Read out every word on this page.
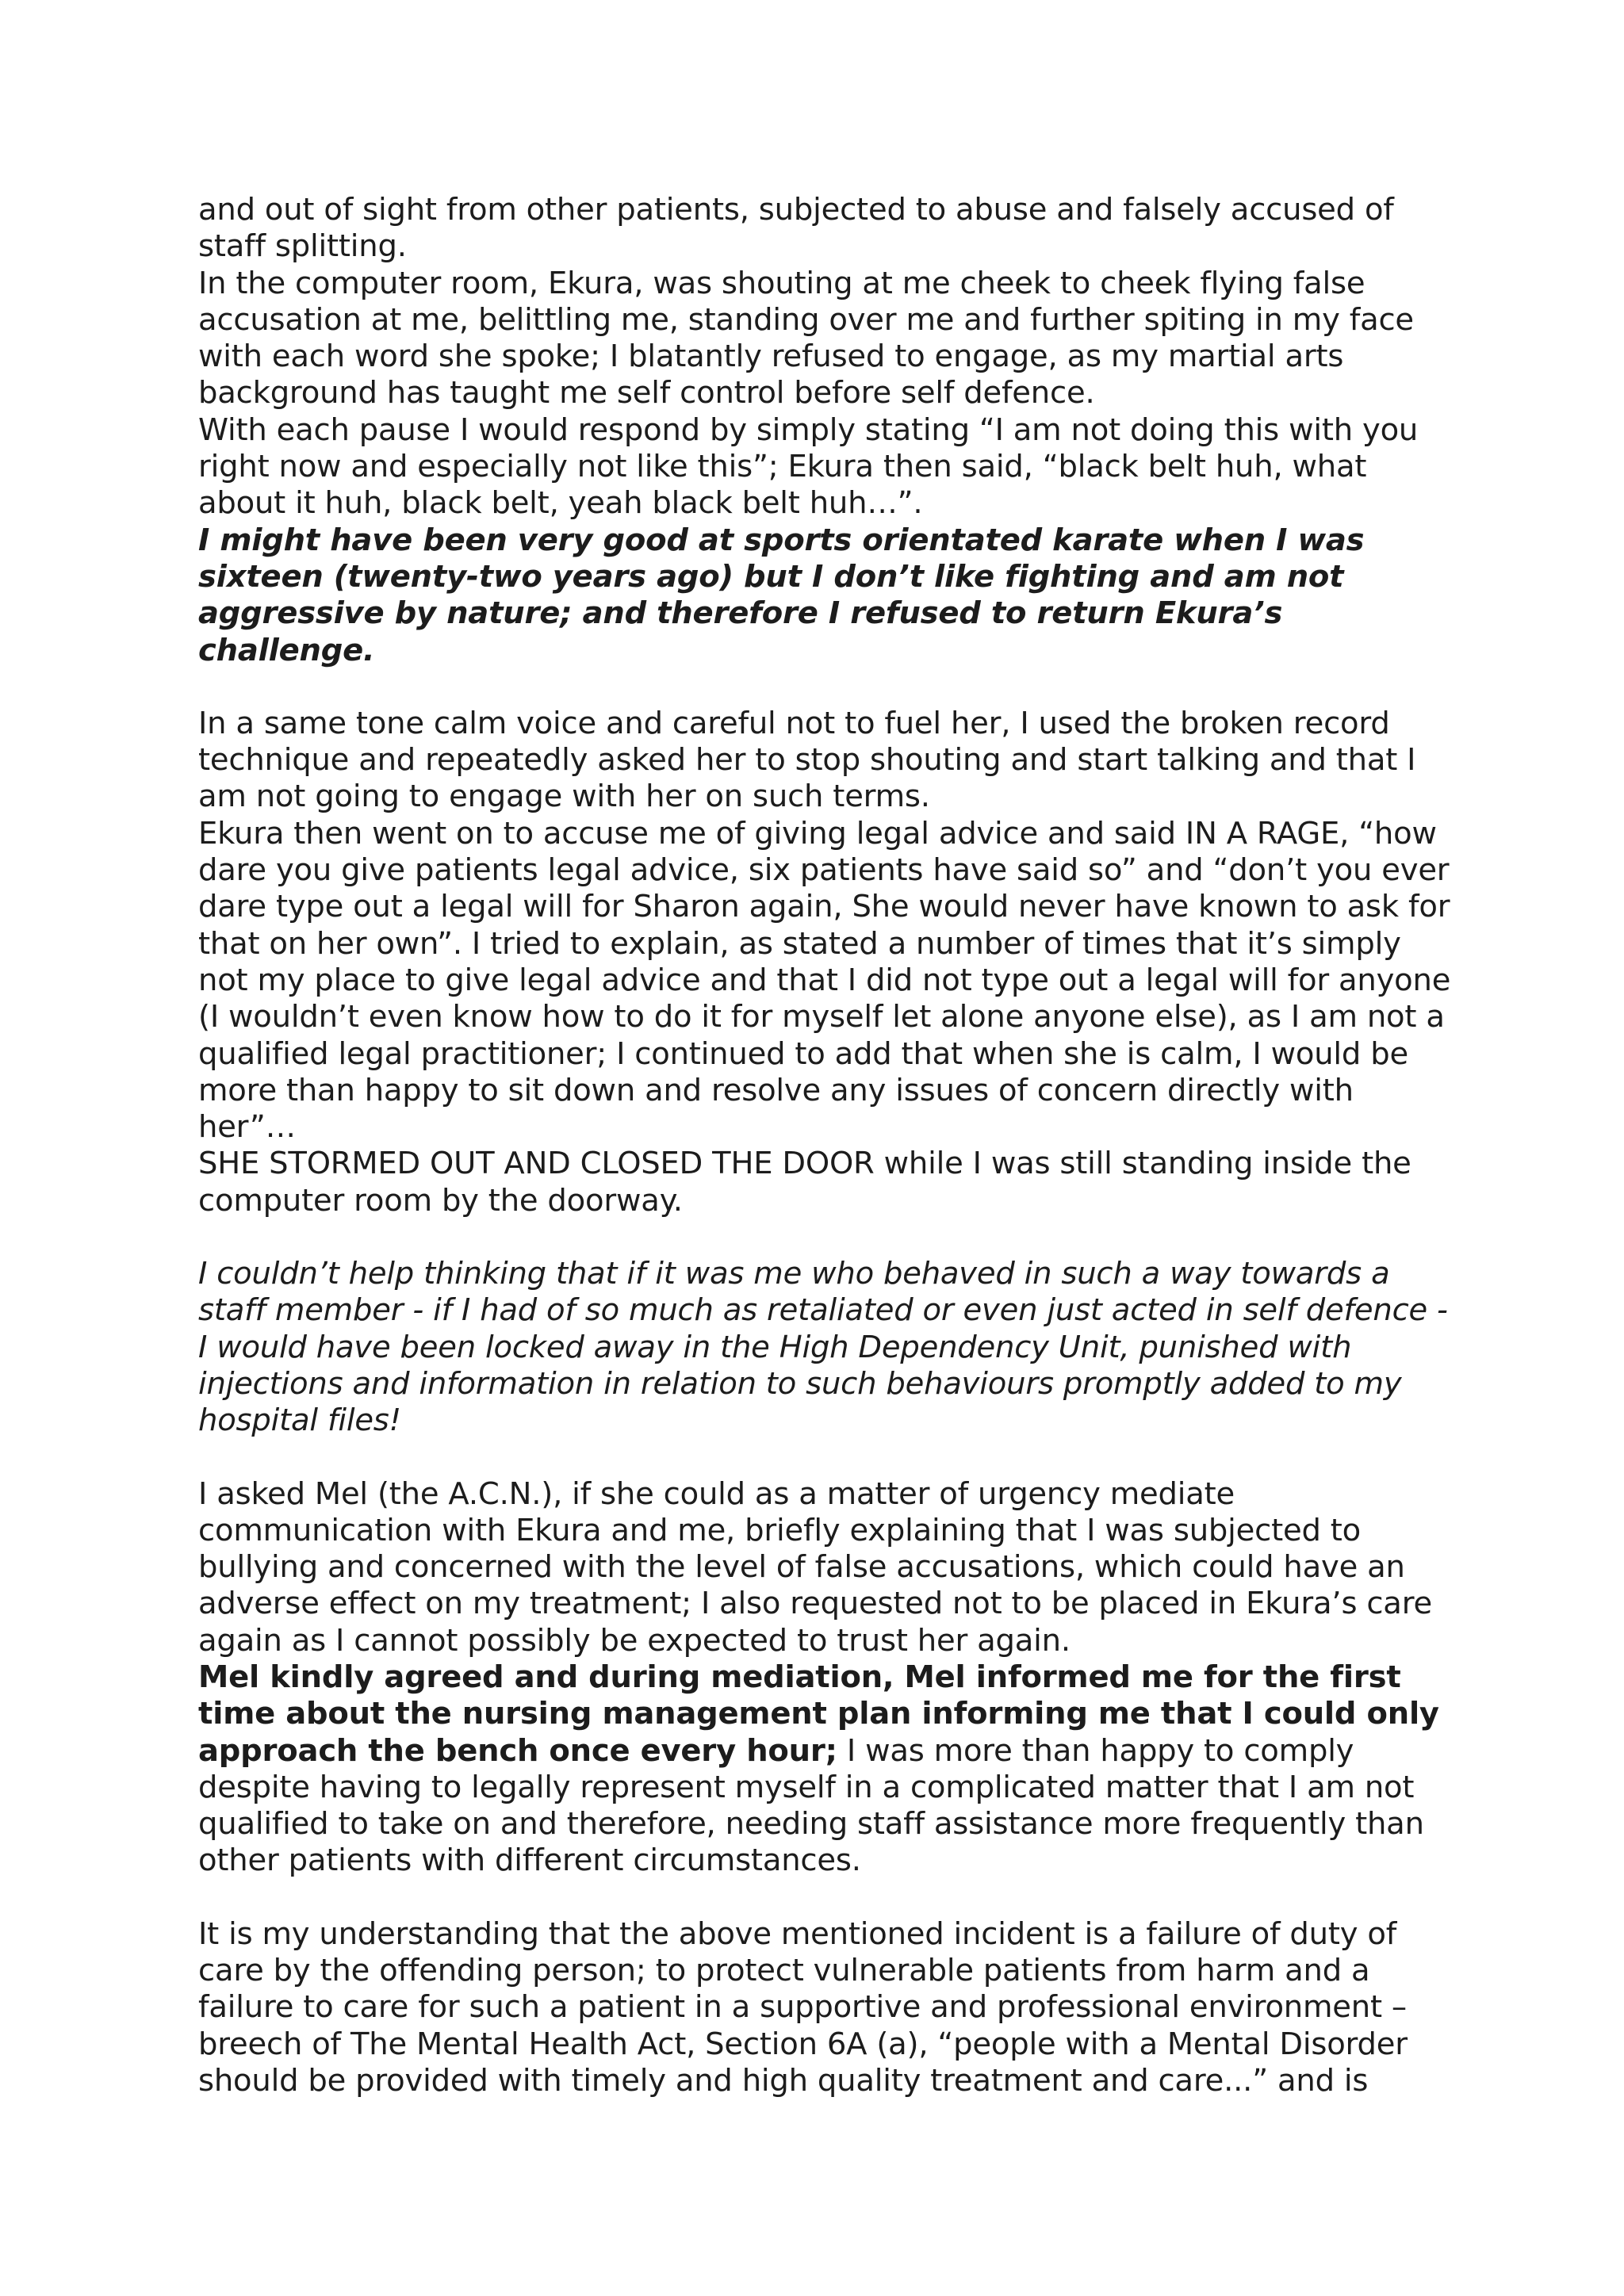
and out of sight from other patients, subjected to abuse and falsely accused of staff splitting.

In the computer room, Ekura, was shouting at me cheek to cheek flying false accusation at me, belittling me, standing over me and further spiting in my face with each word she spoke; I blatantly refused to engage, as my martial arts background has taught me self control before self defence.

With each pause I would respond by simply stating “I am not doing this with you right now and especially not like this”; Ekura then said, “black belt huh, what about it huh, black belt, yeah black belt huh…”.

I might have been very good at sports orientated karate when I was sixteen (twenty-two years ago) but I don’t like fighting and am not aggressive by nature; and therefore I refused to return Ekura’s challenge.

In a same tone calm voice and careful not to fuel her, I used the broken record technique and repeatedly asked her to stop shouting and start talking and that I am not going to engage with her on such terms.

Ekura then went on to accuse me of giving legal advice and said IN A RAGE, “how dare you give patients legal advice, six patients have said so” and “don’t you ever dare type out a legal will for Sharon again, She would never have known to ask for that on her own”. I tried to explain, as stated a number of times that it’s simply not my place to give legal advice and that I did not type out a legal will for anyone (I wouldn’t even know how to do it for myself let alone anyone else), as I am not a qualified legal practitioner; I continued to add that when she is calm, I would be more than happy to sit down and resolve any issues of concern directly with her”…

SHE STORMED OUT AND CLOSED THE DOOR while I was still standing inside the computer room by the doorway.

I couldn’t help thinking that if it was me who behaved in such a way towards a staff member - if I had of so much as retaliated or even just acted in self defence - I would have been locked away in the High Dependency Unit, punished with injections and information in relation to such behaviours promptly added to my hospital files!

I asked Mel (the A.C.N.), if she could as a matter of urgency mediate communication with Ekura and me, briefly explaining that I was subjected to bullying and concerned with the level of false accusations, which could have an adverse effect on my treatment; I also requested not to be placed in Ekura’s care again as I cannot possibly be expected to trust her again.

Mel kindly agreed and during mediation, Mel informed me for the first time about the nursing management plan informing me that I could only approach the bench once every hour; I was more than happy to comply despite having to legally represent myself in a complicated matter that I am not qualified to take on and therefore, needing staff assistance more frequently than other patients with different circumstances.

It is my understanding that the above mentioned incident is a failure of duty of care by the offending person; to protect vulnerable patients from harm and a failure to care for such a patient in a supportive and professional environment – breech of The Mental Health Act, Section 6A (a), “people with a Mental Disorder should be provided with timely and high quality treatment and care...” and is
